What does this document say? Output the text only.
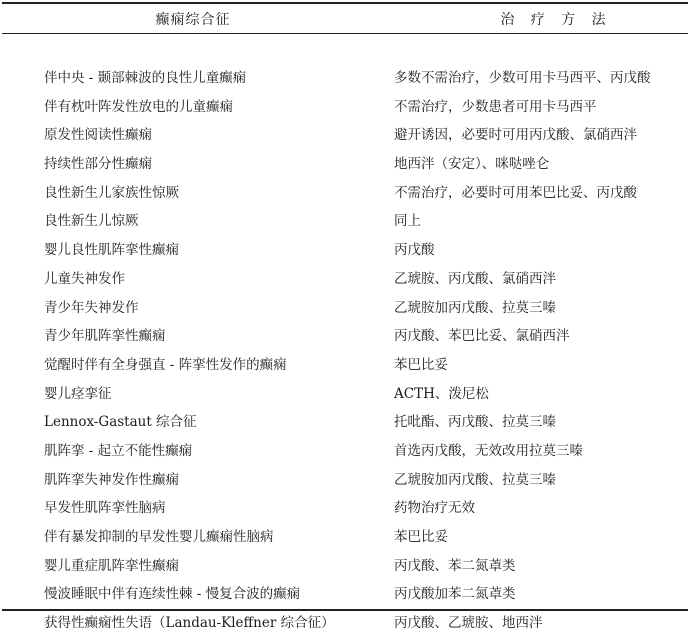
癫痫综合征	治 疗 方 法

伴中央 - 颞部棘波的良性儿童癫痫	多数不需治疗，少数可用卡马西平、丙戊酸
伴有枕叶阵发性放电的儿童癫痫	不需治疗，少数患者可用卡马西平
原发性阅读性癫痫	避开诱因，必要时可用丙戊酸、氯硝西泮
持续性部分性癫痫	地西泮（安定）、咪哒唑仑
良性新生儿家族性惊厥	不需治疗，必要时可用苯巴比妥、丙戊酸
良性新生儿惊厥	同上
婴儿良性肌阵挛性癫痫	丙戊酸
儿童失神发作	乙琥胺、丙戊酸、氯硝西泮
青少年失神发作	乙琥胺加丙戊酸、拉莫三嗪
青少年肌阵挛性癫痫	丙戊酸、苯巴比妥、氯硝西泮
觉醒时伴有全身强直 - 阵挛性发作的癫痫	苯巴比妥
婴儿痉挛征	ACTH、泼尼松
Lennox-Gastaut 综合征	托吡酯、丙戊酸、拉莫三嗪
肌阵挛 - 起立不能性癫痫	首选丙戊酸，无效改用拉莫三嗪
肌阵挛失神发作性癫痫	乙琥胺加丙戊酸、拉莫三嗪
早发性肌阵挛性脑病	药物治疗无效
伴有暴发抑制的早发性婴儿癫痫性脑病	苯巴比妥
婴儿重症肌阵挛性癫痫	丙戊酸、苯二氮䓬类
慢波睡眠中伴有连续性棘 - 慢复合波的癫痫	丙戊酸加苯二氮䓬类
获得性癫痫性失语（Landau-Kleffner 综合征）	丙戊酸、乙琥胺、地西泮
